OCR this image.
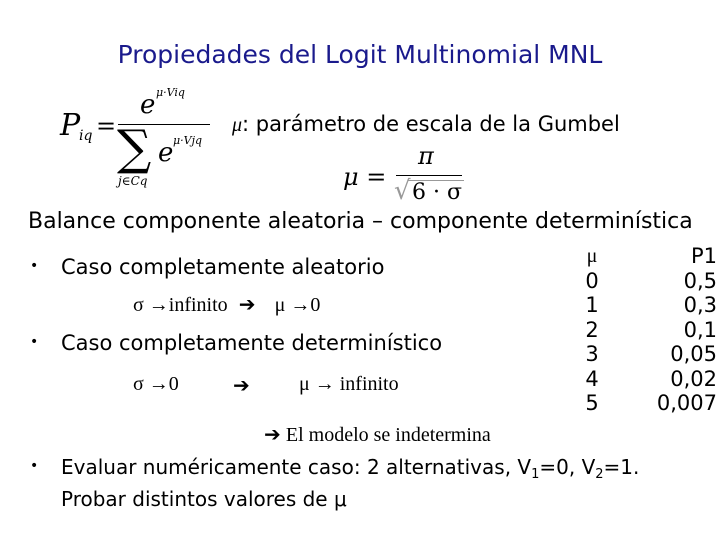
Propiedades del Logit Multinomial MNL
P
iq =
e μ·Viq
∑ e μ·Vjq
j∈Cq
μ: parámetro de escala de la Gumbel
μ =
π
√ 6 · σ
Balance componente aleatoria – componente determinística
• Caso completamente aleatorio
σ →infinito ➔ μ →0
• Caso completamente determinístico
σ →0	➔ μ → infinito
➔ El modelo se indetermina
μ	P1
0	0,5
1	0,3
2	0,1
3	0,05
4	0,02
5	0,007
• Evaluar numéricamente caso: 2 alternativas, $V_1=0$, $V_2=1$.
Probar distintos valores de μ
